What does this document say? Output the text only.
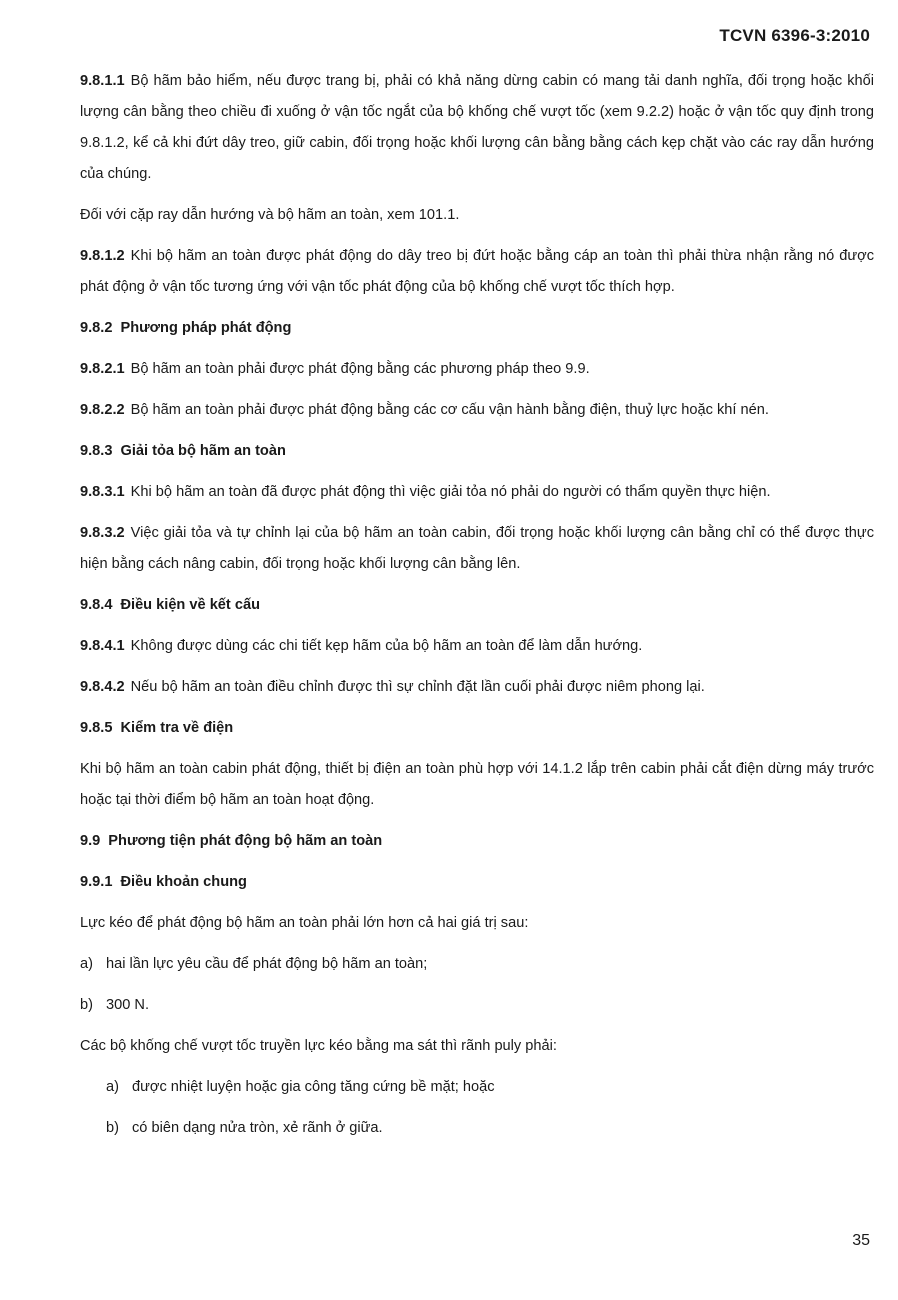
TCVN 6396-3:2010

9.8.1.1 Bộ hãm bảo hiểm, nếu được trang bị, phải có khả năng dừng cabin có mang tải danh nghĩa, đối trọng hoặc khối lượng cân bằng theo chiều đi xuống ở vận tốc ngắt của bộ khống chế vượt tốc (xem 9.2.2) hoặc ở vận tốc quy định trong 9.8.1.2, kể cả khi đứt dây treo, giữ cabin, đối trọng hoặc khối lượng cân bằng bằng cách kẹp chặt vào các ray dẫn hướng của chúng.

Đối với cặp ray dẫn hướng và bộ hãm an toàn, xem 101.1.

9.8.1.2 Khi bộ hãm an toàn được phát động do dây treo bị đứt hoặc bằng cáp an toàn thì phải thừa nhận rằng nó được phát động ở vận tốc tương ứng với vận tốc phát động của bộ khống chế vượt tốc thích hợp.

9.8.2 Phương pháp phát động

9.8.2.1 Bộ hãm an toàn phải được phát động bằng các phương pháp theo 9.9.

9.8.2.2 Bộ hãm an toàn phải được phát động bằng các cơ cấu vận hành bằng điện, thuỷ lực hoặc khí nén.

9.8.3 Giải tỏa bộ hãm an toàn

9.8.3.1 Khi bộ hãm an toàn đã được phát động thì việc giải tỏa nó phải do người có thẩm quyền thực hiện.

9.8.3.2 Việc giải tỏa và tự chỉnh lại của bộ hãm an toàn cabin, đối trọng hoặc khối lượng cân bằng chỉ có thể được thực hiện bằng cách nâng cabin, đối trọng hoặc khối lượng cân bằng lên.

9.8.4 Điều kiện về kết cấu

9.8.4.1 Không được dùng các chi tiết kẹp hãm của bộ hãm an toàn để làm dẫn hướng.

9.8.4.2 Nếu bộ hãm an toàn điều chỉnh được thì sự chỉnh đặt lần cuối phải được niêm phong lại.

9.8.5 Kiểm tra về điện

Khi bộ hãm an toàn cabin phát động, thiết bị điện an toàn phù hợp với 14.1.2 lắp trên cabin phải cắt điện dừng máy trước hoặc tại thời điểm bộ hãm an toàn hoạt động.

9.9 Phương tiện phát động bộ hãm an toàn

9.9.1 Điều khoản chung

Lực kéo để phát động bộ hãm an toàn phải lớn hơn cả hai giá trị sau:

a) hai lần lực yêu cầu để phát động bộ hãm an toàn;

b) 300 N.

Các bộ khống chế vượt tốc truyền lực kéo bằng ma sát thì rãnh puly phải:

a) được nhiệt luyện hoặc gia công tăng cứng bề mặt; hoặc

b) có biên dạng nửa tròn, xẻ rãnh ở giữa.

35
